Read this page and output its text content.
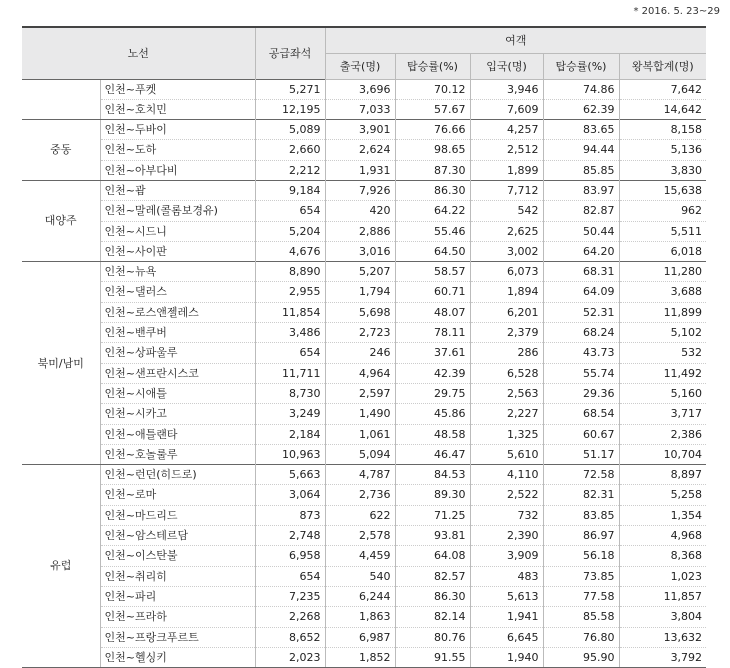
* 2016. 5. 23~29
노선		공급좌석	여객				
			출국(명)	탑승률(%)	입국(명)	탑승률(%)	왕복합계(명)
	인천~푸켓	5,271	3,696	70.12	3,946	74.86	7,642
	인천~호치민	12,195	7,033	57.67	7,609	62.39	14,642
중동	인천~두바이	5,089	3,901	76.66	4,257	83.65	8,158
	인천~도하	2,660	2,624	98.65	2,512	94.44	5,136
	인천~아부다비	2,212	1,931	87.30	1,899	85.85	3,830
대양주	인천~괌	9,184	7,926	86.30	7,712	83.97	15,638
	인천~말레(콜롬보경유)	654	420	64.22	542	82.87	962
	인천~시드니	5,204	2,886	55.46	2,625	50.44	5,511
	인천~사이판	4,676	3,016	64.50	3,002	64.20	6,018
북미/남미	인천~뉴욕	8,890	5,207	58.57	6,073	68.31	11,280
	인천~댈러스	2,955	1,794	60.71	1,894	64.09	3,688
	인천~로스앤젤레스	11,854	5,698	48.07	6,201	52.31	11,899
	인천~밴쿠버	3,486	2,723	78.11	2,379	68.24	5,102
	인천~상파울루	654	246	37.61	286	43.73	532
	인천~샌프란시스코	11,711	4,964	42.39	6,528	55.74	11,492
	인천~시애틀	8,730	2,597	29.75	2,563	29.36	5,160
	인천~시카고	3,249	1,490	45.86	2,227	68.54	3,717
	인천~애틀랜타	2,184	1,061	48.58	1,325	60.67	2,386
	인천~호놀룰루	10,963	5,094	46.47	5,610	51.17	10,704
유럽	인천~런던(히드로)	5,663	4,787	84.53	4,110	72.58	8,897
	인천~로마	3,064	2,736	89.30	2,522	82.31	5,258
	인천~마드리드	873	622	71.25	732	83.85	1,354
	인천~암스테르담	2,748	2,578	93.81	2,390	86.97	4,968
	인천~이스탄불	6,958	4,459	64.08	3,909	56.18	8,368
	인천~취리히	654	540	82.57	483	73.85	1,023
	인천~파리	7,235	6,244	86.30	5,613	77.58	11,857
	인천~프라하	2,268	1,863	82.14	1,941	85.58	3,804
	인천~프랑크푸르트	8,652	6,987	80.76	6,645	76.80	13,632
	인천~헬싱키	2,023	1,852	91.55	1,940	95.90	3,792
